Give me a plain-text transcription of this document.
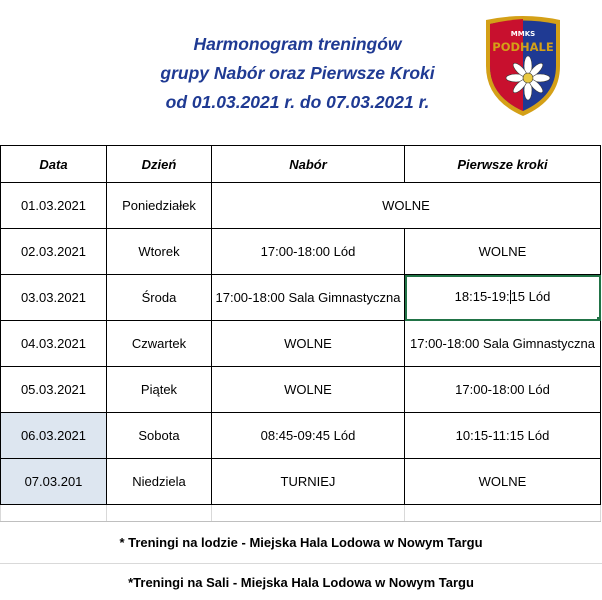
Harmonogram treningów
grupy Nabór oraz Pierwsze Kroki
od 01.03.2021 r. do 07.03.2021 r.
MMKS
PODHALE
Data	Dzień	Nabór	Pierwsze kroki
01.03.2021	Poniedziałek	WOLNE	
02.03.2021	Wtorek	17:00-18:00 Lód	WOLNE
03.03.2021	Środa	17:00-18:00 Sala Gimnastyczna	18:15-19:15 Lód

04.03.2021	Czwartek	WOLNE	17:00-18:00 Sala Gimnastyczna
05.03.2021	Piątek	WOLNE	17:00-18:00 Lód
06.03.2021	Sobota	08:45-09:45 Lód	10:15-11:15 Lód
07.03.201	Niedziela	TURNIEJ	WOLNE

* Treningi na lodzie - Miejska Hala Lodowa w Nowym Targu
*Treningi na Sali - Miejska Hala Lodowa w Nowym Targu
